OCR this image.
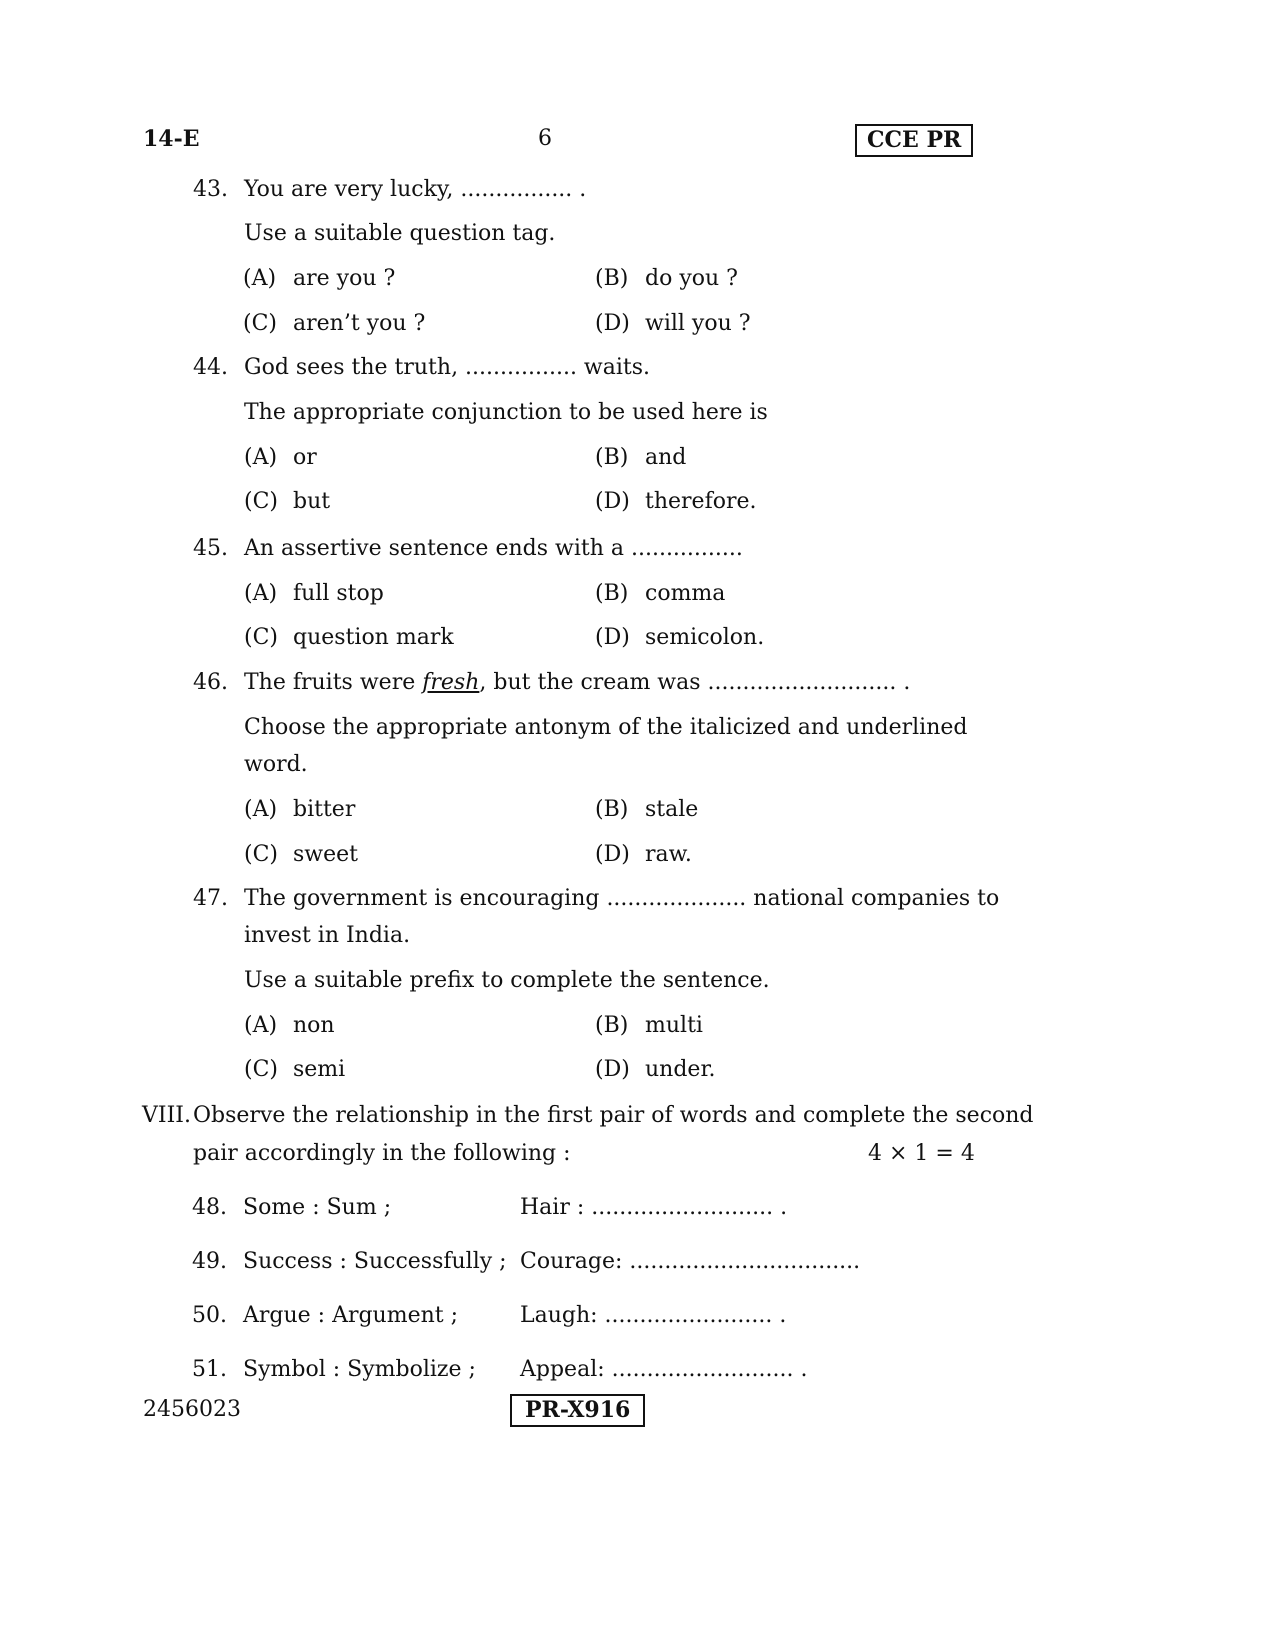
14-E	6	CCE PR
43. You are very lucky, ................ .
Use a suitable question tag.
(A) are you ?	(B) do you ?
(C) aren’t you ?	(D) will you ?
44. God sees the truth, ................ waits.
The appropriate conjunction to be used here is
(A) or	(B) and
(C) but	(D) therefore.
45. An assertive sentence ends with a ................
(A) full stop	(B) comma
(C) question mark	(D) semicolon.
46. The fruits were fresh, but the cream was ........................... .
Choose the appropriate antonym of the italicized and underlined
word.
(A) bitter	(B) stale
(C) sweet	(D) raw.
47. The government is encouraging .................... national companies to
invest in India.
Use a suitable prefix to complete the sentence.
(A) non	(B) multi
(C) semi	(D) under.
VIII. Observe the relationship in the first pair of words and complete the second
pair accordingly in the following :	4 × 1 = 4
48. Some : Sum ;	Hair : .......................... .
49. Success : Successfully ; Courage: .................................
50. Argue : Argument ;	Laugh: ........................ .
51. Symbol : Symbolize ; Appeal: .......................... .
2456023	PR-X916
